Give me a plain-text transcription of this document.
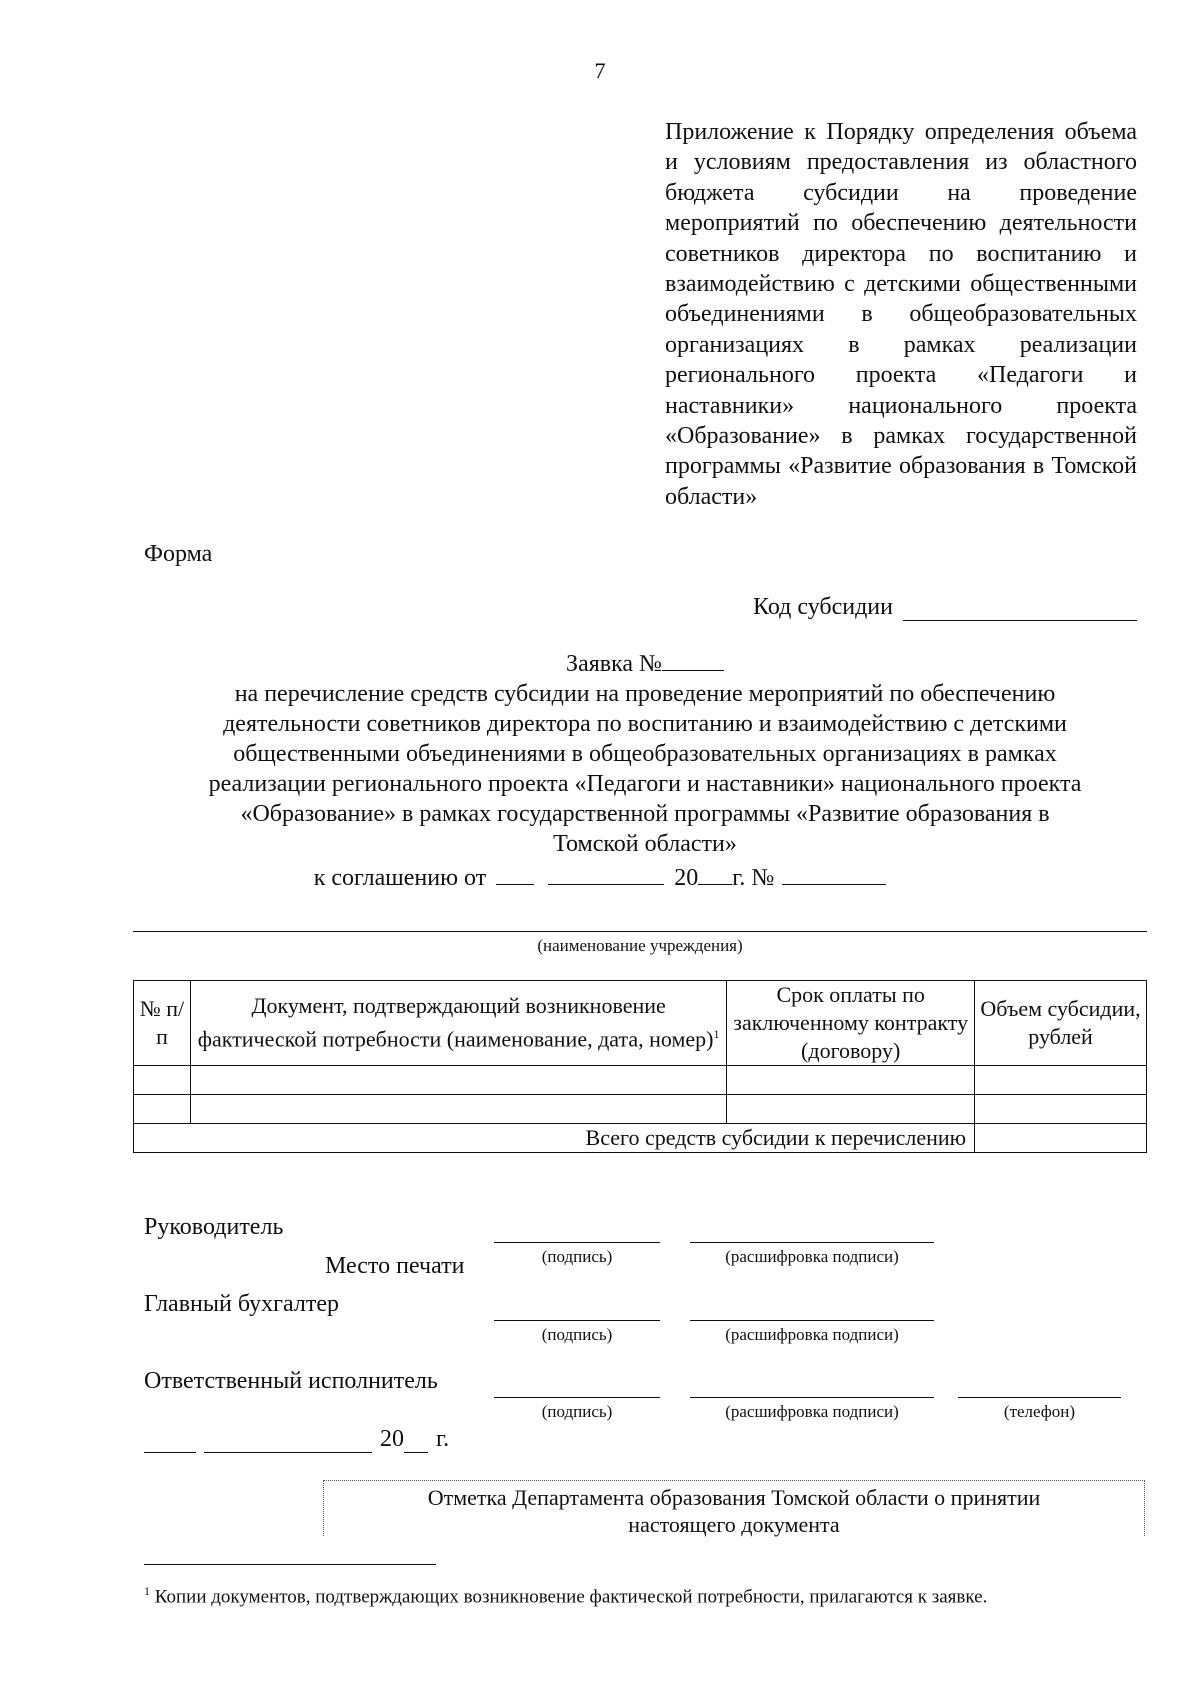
7
Приложение к Порядку определения объема и условиям предоставления из областного бюджета субсидии на проведение мероприятий по обеспечению деятельности советников директора по воспитанию и взаимодействию с детскими общественными объединениями в общеобразовательных организациях в рамках реализации регионального проекта «Педагоги и наставники» национального проекта «Образование» в рамках государственной программы «Развитие образования в Томской области»
Форма
Код субсидии
Заявка №
на перечисление средств субсидии на проведение мероприятий по обеспечению
деятельности советников директора по воспитанию и взаимодействию с детскими
общественными объединениями в общеобразовательных организациях в рамках
реализации регионального проекта «Педагоги и наставники» национального проекта
«Образование» в рамках государственной программы «Развитие образования в
Томской области»
к соглашению от	20 г. №
(наименование учреждения)
№ п/п	Документ, подтверждающий возникновение фактической потребности (наименование, дата, номер)$^1$	Срок оплаты по заключенному контракту (договору)	Объем субсидии, рублей

Всего средств субсидии к перечислению			
Руководитель
(подпись)	(расшифровка подписи)
Место печати
Главный бухгалтер
(подпись)	(расшифровка подписи)
Ответственный исполнитель
(подпись)	(расшифровка подписи)	(телефон)
20 г.
Отметка Департамента образования Томской области о принятии
настоящего документа
$^1$ Копии документов, подтверждающих возникновение фактической потребности, прилагаются к заявке.
